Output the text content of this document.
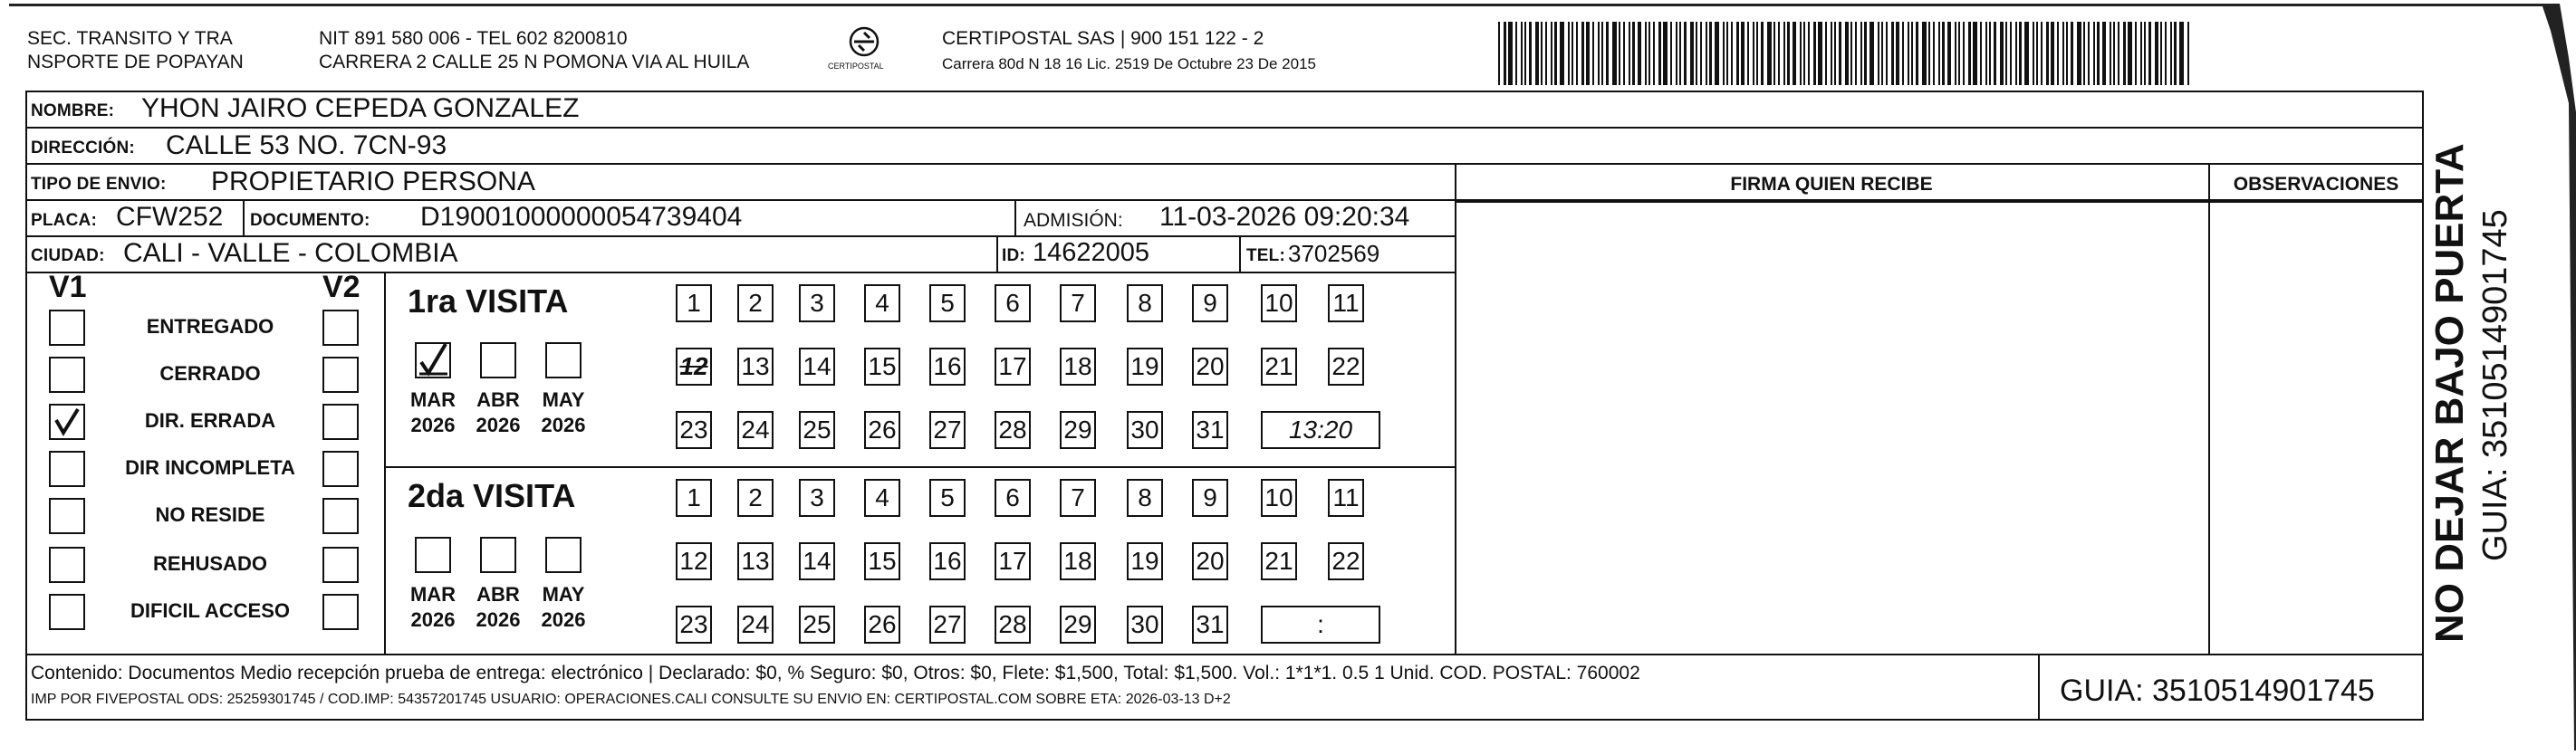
SEC. TRANSITO Y TRA
NSPORTE DE POPAYAN
NIT 891 580 006 - TEL 602 8200810
CARRERA 2 CALLE 25 N POMONA VIA AL HUILA	CERTIPOSTAL
CERTIPOSTAL SAS | 900 151 122 - 2
Carrera 80d N 18 16 Lic. 2519 De Octubre 23 De 2015
NOMBRE: YHON JAIRO CEPEDA GONZALEZ
DIRECCIÓN: CALLE 53 NO. 7CN-93
TIPO DE ENVIO: PROPIETARIO PERSONA	FIRMA QUIEN RECIBE	OBSERVACIONES
PLACA: CFW252 DOCUMENTO: D19001000000054739404	ADMISIÓN: 11-03-2026 09:20:34
CIUDAD: CALI - VALLE - COLOMBIA	ID: 14622005	TEL: 3702569
V1	V2
ENTREGADO
CERRADO
DIR. ERRADA
DIR INCOMPLETA
NO RESIDE
REHUSADO
DIFICIL ACCESO
1ra VISITA
MAR
2026
ABR
2026
MAY
2026
1	2	3	4	5	6	7	8	9	10 11
12 13 14 15 16 17 18 19 20 21 22
23 24 25 26 27 28 29 30 31	13:20
2da VISITA
MAR
2026
ABR
2026
MAY
2026
1	2	3	4	5	6	7	8	9	10 11
12 13 14 15 16 17 18 19 20 21 22
23 24 25 26 27 28 29 30 31	:
Contenido: Documentos Medio recepción prueba de entrega: electrónico | Declarado: $0, % Seguro: $0, Otros: $0, Flete: $1,500, Total: $1,500. Vol.: 1*1*1. 0.5 1 Unid. COD. POSTAL: 760002
IMP POR FIVEPOSTAL ODS: 25259301745 / COD.IMP: 54357201745 USUARIO: OPERACIONES.CALI CONSULTE SU ENVIO EN: CERTIPOSTAL.COM SOBRE ETA: 2026-03-13 D+2	GUIA: 3510514901745
NO DEJAR BAJO PUERTA GUIA: 3510514901745
